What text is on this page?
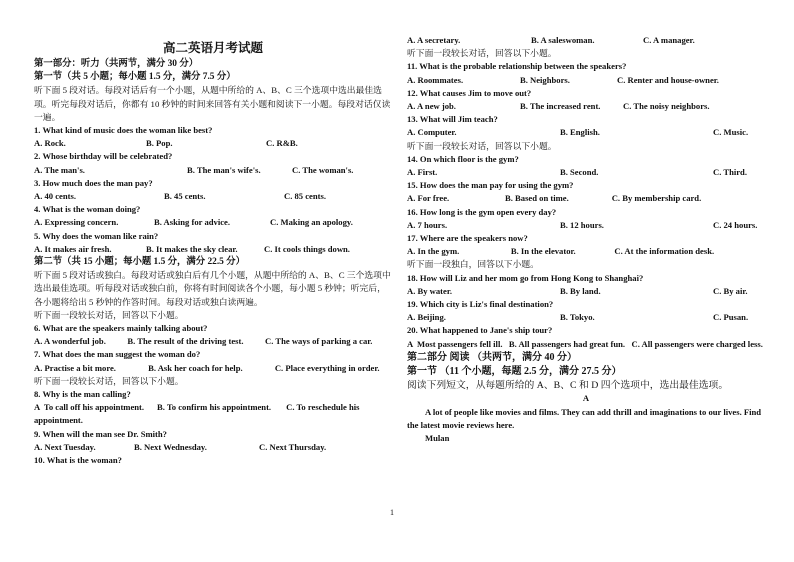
高二英语月考试题
第一部分：听力（共两节，满分 30 分）
第一节（共 5 小题；每小题 1.5 分，满分 7.5 分）
听下面 5 段对话。每段对话后有一个小题，从题中所给的 A、B、C 三个选项中选出最佳选项。听完每段对话后，你都有 10 秒钟的时间来回答有关小题和阅读下一小题。每段对话仅读一遍。
1. What kind of music does the woman like best?
A. Rock.	B. Pop.	C. R&B.
2. Whose birthday will be celebrated?
A. The man's.	B. The man's wife's.	C. The woman's.
3. How much does the man pay?
A. 40 cents.	B. 45 cents.	C. 85 cents.
4. What is the woman doing?
A. Expressing concern.	B. Asking for advice.	C. Making an apology.
5. Why does the woman like rain?
A. It makes air fresh.	B. It makes the sky clear.	C. It cools things down.
第二节（共 15 小题；每小题 1.5 分，满分 22.5 分）
听下面 5 段对话或独白。每段对话或独白后有几个小题，从题中所给的 A、B、C 三个选项中选出最佳选项。听每段对话或独白前，你将有时间阅读各个小题，每小题 5 秒钟；听完后，各小题将给出 5 秒钟的作答时间。每段对话或独白读两遍。
听下面一段较长对话，回答以下小题。
6. What are the speakers mainly talking about?
A. A wonderful job.          B. The result of the driving test.          C. The ways of parking a car.
7. What does the man suggest the woman do?
A. Practise a bit more.               B. Ask her coach for help.               C. Place everything in order.
听下面一段较长对话，回答以下小题。
8. Why is the man calling?
A  To call off his appointment.      B. To confirm his appointment.       C. To reschedule his appointment.
9. When will the man see Dr. Smith?
A. Next Tuesday.	B. Next Wednesday.	C. Next Thursday.
10. What is the woman?
A. A secretary.	B. A saleswoman.	C. A manager.
听下面一段较长对话，回答以下小题。
11. What is the probable relationship between the speakers?
A. Roommates.	B. Neighbors.	C. Renter and house-owner.
12. What causes Jim to move out?
A. A new job.	B. The increased rent.	C. The noisy neighbors.
13. What will Jim teach?
A. Computer.	B. English.	C. Music.
听下面一段较长对话，回答以下小题。
14. On which floor is the gym?
A. First.	B. Second.	C. Third.
15. How does the man pay for using the gym?
A. For free.                          B. Based on time.                    C. By membership card.
16. How long is the gym open every day?
A. 7 hours.	B. 12 hours.	C. 24 hours.
17. Where are the speakers now?
A. In the gym.                        B. In the elevator.                  C. At the information desk.
听下面一段独白，回答以下小题。
18. How will Liz and her mom go from Hong Kong to Shanghai?
A. By water.	B. By land.	C. By air.
19. Which city is Liz's final destination?
A. Beijing.	B. Tokyo.	C. Pusan.
20. What happened to Jane's ship tour?
A  Most passengers fell ill.   B. All passengers had great fun.   C. All passengers were charged less.
第二部分 阅读 （共两节，满分 40 分）
第一节 （11 个小题，每题 2.5 分，满分 27.5 分）
阅读下列短文，从每题所给的 A、B、C 和 D 四个选项中，选出最佳选项。
A
A lot of people like movies and films. They can add thrill and imaginations to our lives. Find the latest movie reviews here.
Mulan
1
